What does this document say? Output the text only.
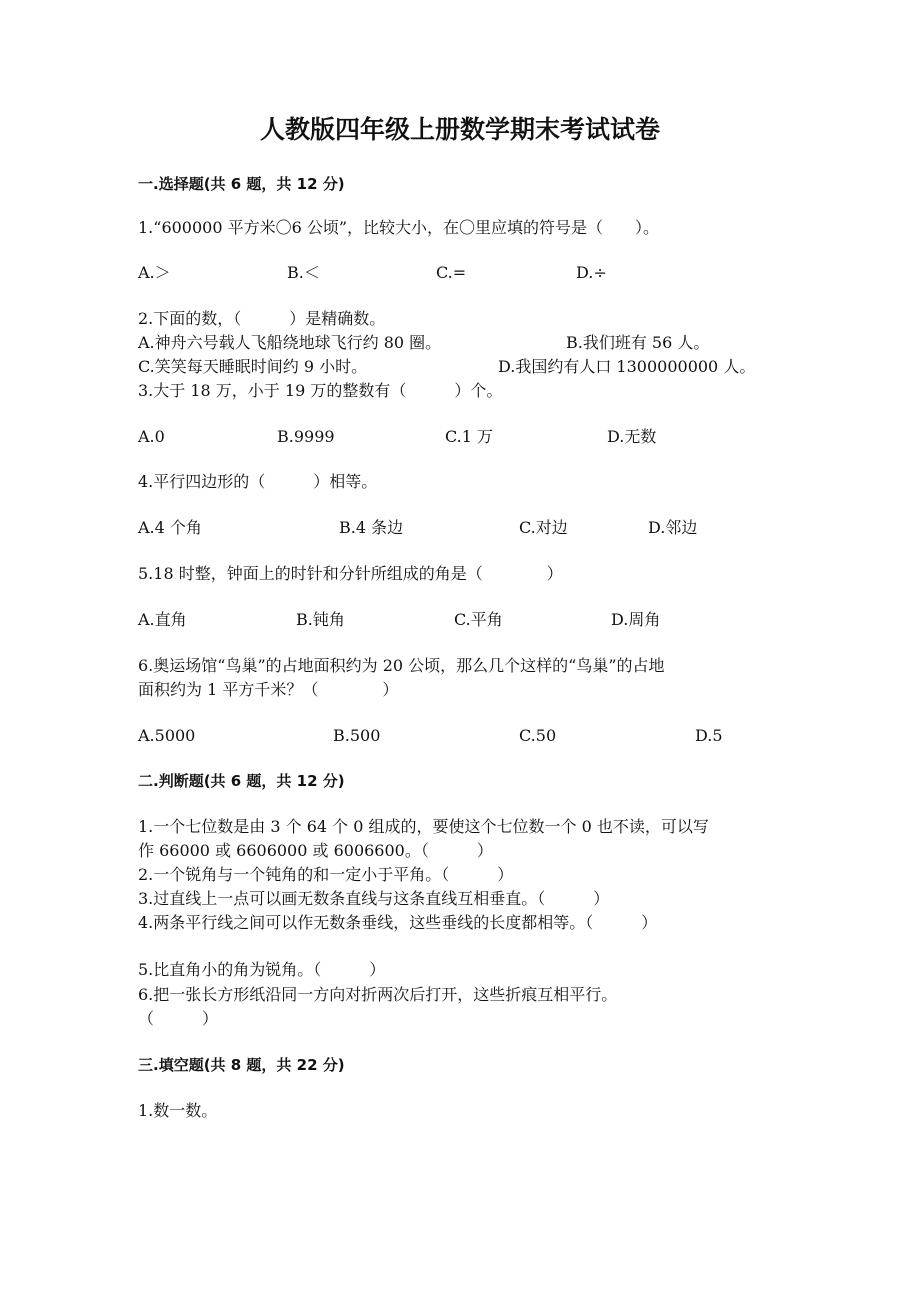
人教版四年级上册数学期末考试试卷
一.选择题(共 6 题，共 12 分)
1.“600000 平方米〇6 公顷”，比较大小，在〇里应填的符号是（　　）。
A.＞	B.＜	C.=	D.÷
2.下面的数，（　　　）是精确数。
A.神舟六号载人飞船绕地球飞行约 80 圈。	B.我们班有 56 人。
C.笑笑每天睡眠时间约 9 小时。	D.我国约有人口 1300000000 人。
3.大于 18 万，小于 19 万的整数有（　　　）个。
A.0	B.9999	C.1 万	D.无数
4.平行四边形的（　　　）相等。
A.4 个角	B.4 条边	C.对边	D.邻边
5.18 时整，钟面上的时针和分针所组成的角是（　　　　）
A.直角	B.钝角	C.平角	D.周角
6.奥运场馆“鸟巢”的占地面积约为 20 公顷，那么几个这样的“鸟巢”的占地
面积约为 1 平方千米？（　　　　）
A.5000	B.500	C.50	D.5
二.判断题(共 6 题，共 12 分)
1.一个七位数是由 3 个 64 个 0 组成的，要使这个七位数一个 0 也不读，可以写
作 66000 或 6606000 或 6006600。（　　　）
2.一个锐角与一个钝角的和一定小于平角。（　　　）
3.过直线上一点可以画无数条直线与这条直线互相垂直。（　　　）
4.两条平行线之间可以作无数条垂线，这些垂线的长度都相等。（　　　）
5.比直角小的角为锐角。（　　　）
6.把一张长方形纸沿同一方向对折两次后打开，这些折痕互相平行。
（　　　）
三.填空题(共 8 题，共 22 分)
1.数一数。
